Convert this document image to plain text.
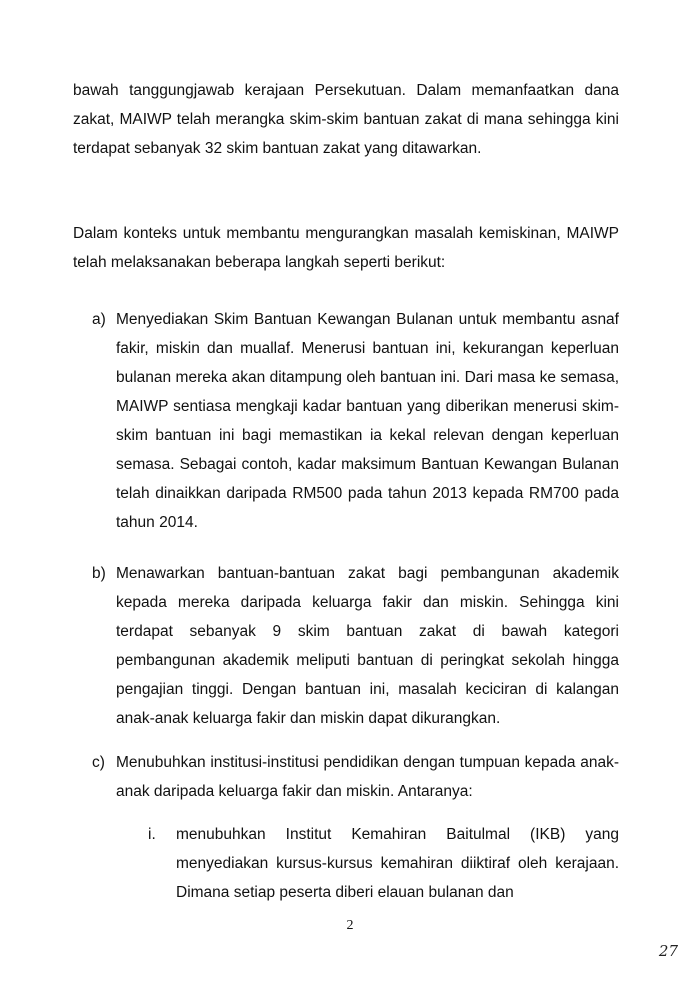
bawah tanggungjawab kerajaan Persekutuan. Dalam memanfaatkan dana zakat, MAIWP telah merangka skim-skim bantuan zakat di mana sehingga kini terdapat sebanyak 32 skim bantuan zakat yang ditawarkan.

Dalam konteks untuk membantu mengurangkan masalah kemiskinan, MAIWP telah melaksanakan beberapa langkah seperti berikut:

a) Menyediakan Skim Bantuan Kewangan Bulanan untuk membantu asnaf fakir, miskin dan muallaf. Menerusi bantuan ini, kekurangan keperluan bulanan mereka akan ditampung oleh bantuan ini. Dari masa ke semasa, MAIWP sentiasa mengkaji kadar bantuan yang diberikan menerusi skim-skim bantuan ini bagi memastikan ia kekal relevan dengan keperluan semasa. Sebagai contoh, kadar maksimum Bantuan Kewangan Bulanan telah dinaikkan daripada RM500 pada tahun 2013 kepada RM700 pada tahun 2014.
b) Menawarkan bantuan-bantuan zakat bagi pembangunan akademik kepada mereka daripada keluarga fakir dan miskin. Sehingga kini terdapat sebanyak 9 skim bantuan zakat di bawah kategori pembangunan akademik meliputi bantuan di peringkat sekolah hingga pengajian tinggi. Dengan bantuan ini, masalah keciciran di kalangan anak-anak keluarga fakir dan miskin dapat dikurangkan.
c) Menubuhkan institusi-institusi pendidikan dengan tumpuan kepada anak-anak daripada keluarga fakir dan miskin. Antaranya:
i. menubuhkan Institut Kemahiran Baitulmal (IKB) yang menyediakan kursus-kursus kemahiran diiktiraf oleh kerajaan. Dimana setiap peserta diberi elauan bulanan dan
2
27
